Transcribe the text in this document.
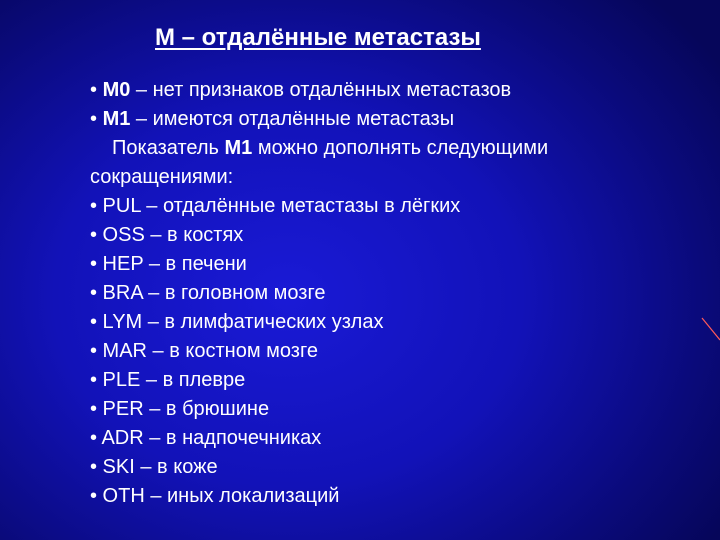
М – отдалённые метастазы
• М0 – нет признаков отдалённых метастазов
• М1 – имеются отдалённые метастазы
Показатель М1 можно дополнять следующими
сокращениями:
• PUL – отдалённые метастазы в лёгких
• OSS – в костях
• HEP – в печени
• BRA – в головном мозге
• LYM – в лимфатических узлах
• MAR – в костном мозге
• PLE – в плевре
• PER – в брюшине
• ADR – в надпочечниках
• SKI – в коже
• OTH – иных локализаций
